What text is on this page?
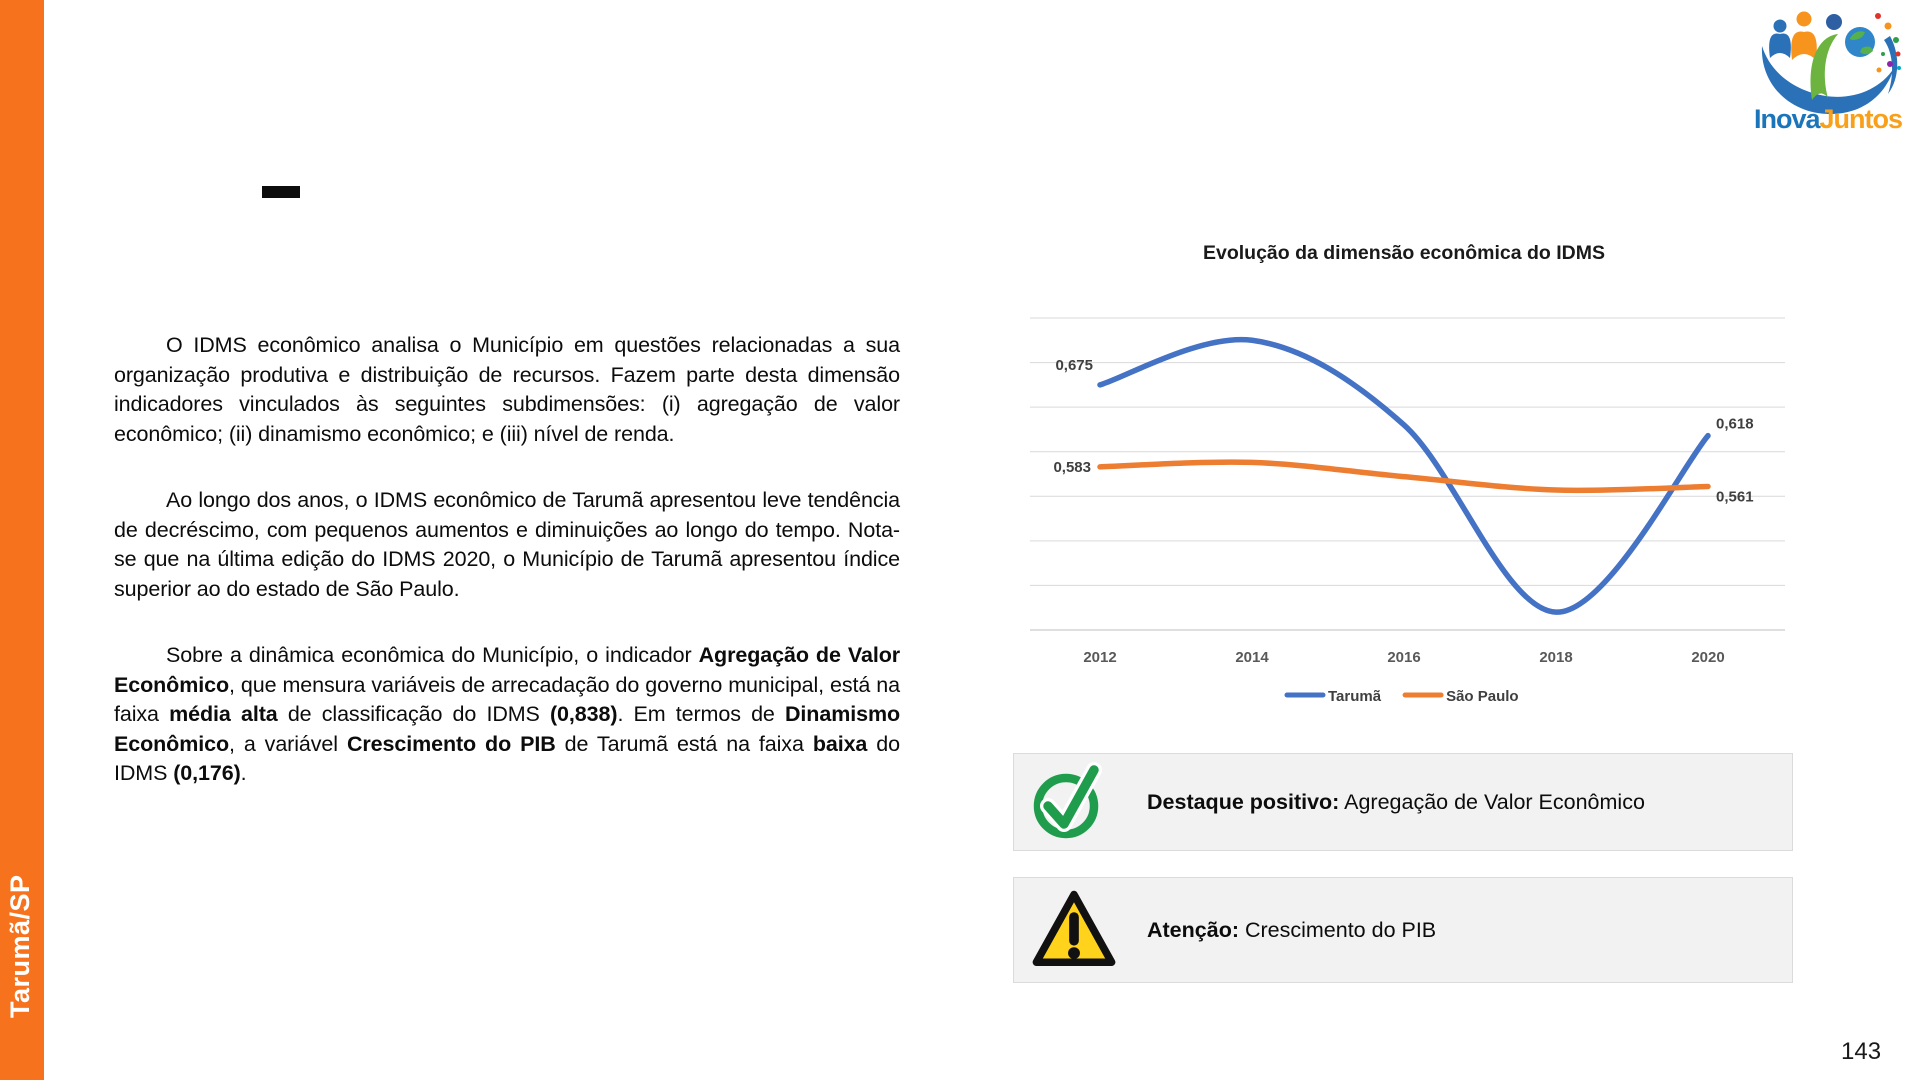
Tarumã/SP
InovaJuntos

O IDMS econômico analisa o Município em questões relacionadas a sua organização produtiva e distribuição de recursos. Fazem parte desta dimensão indicadores vinculados às seguintes subdimensões: (i) agregação de valor econômico; (ii) dinamismo econômico; e (iii) nível de renda.

Ao longo dos anos, o IDMS econômico de Tarumã apresentou leve tendência de decréscimo, com pequenos aumentos e diminuições ao longo do tempo. Nota-se que na última edição do IDMS 2020, o Município de Tarumã apresentou índice superior ao do estado de São Paulo.

Sobre a dinâmica econômica do Município, o indicador Agregação de Valor Econômico, que mensura variáveis de arrecadação do governo municipal, está na faixa média alta de classificação do IDMS (0,838). Em termos de Dinamismo Econômico, a variável Crescimento do PIB de Tarumã está na faixa baixa do IDMS (0,176).

Evolução da dimensão econômica do IDMS
0,675
0,583
0,618
0,561
2012	2014	2016	2018	2020
Tarumã	São Paulo
Destaque positivo: Agregação de Valor Econômico
Atenção: Crescimento do PIB
143
